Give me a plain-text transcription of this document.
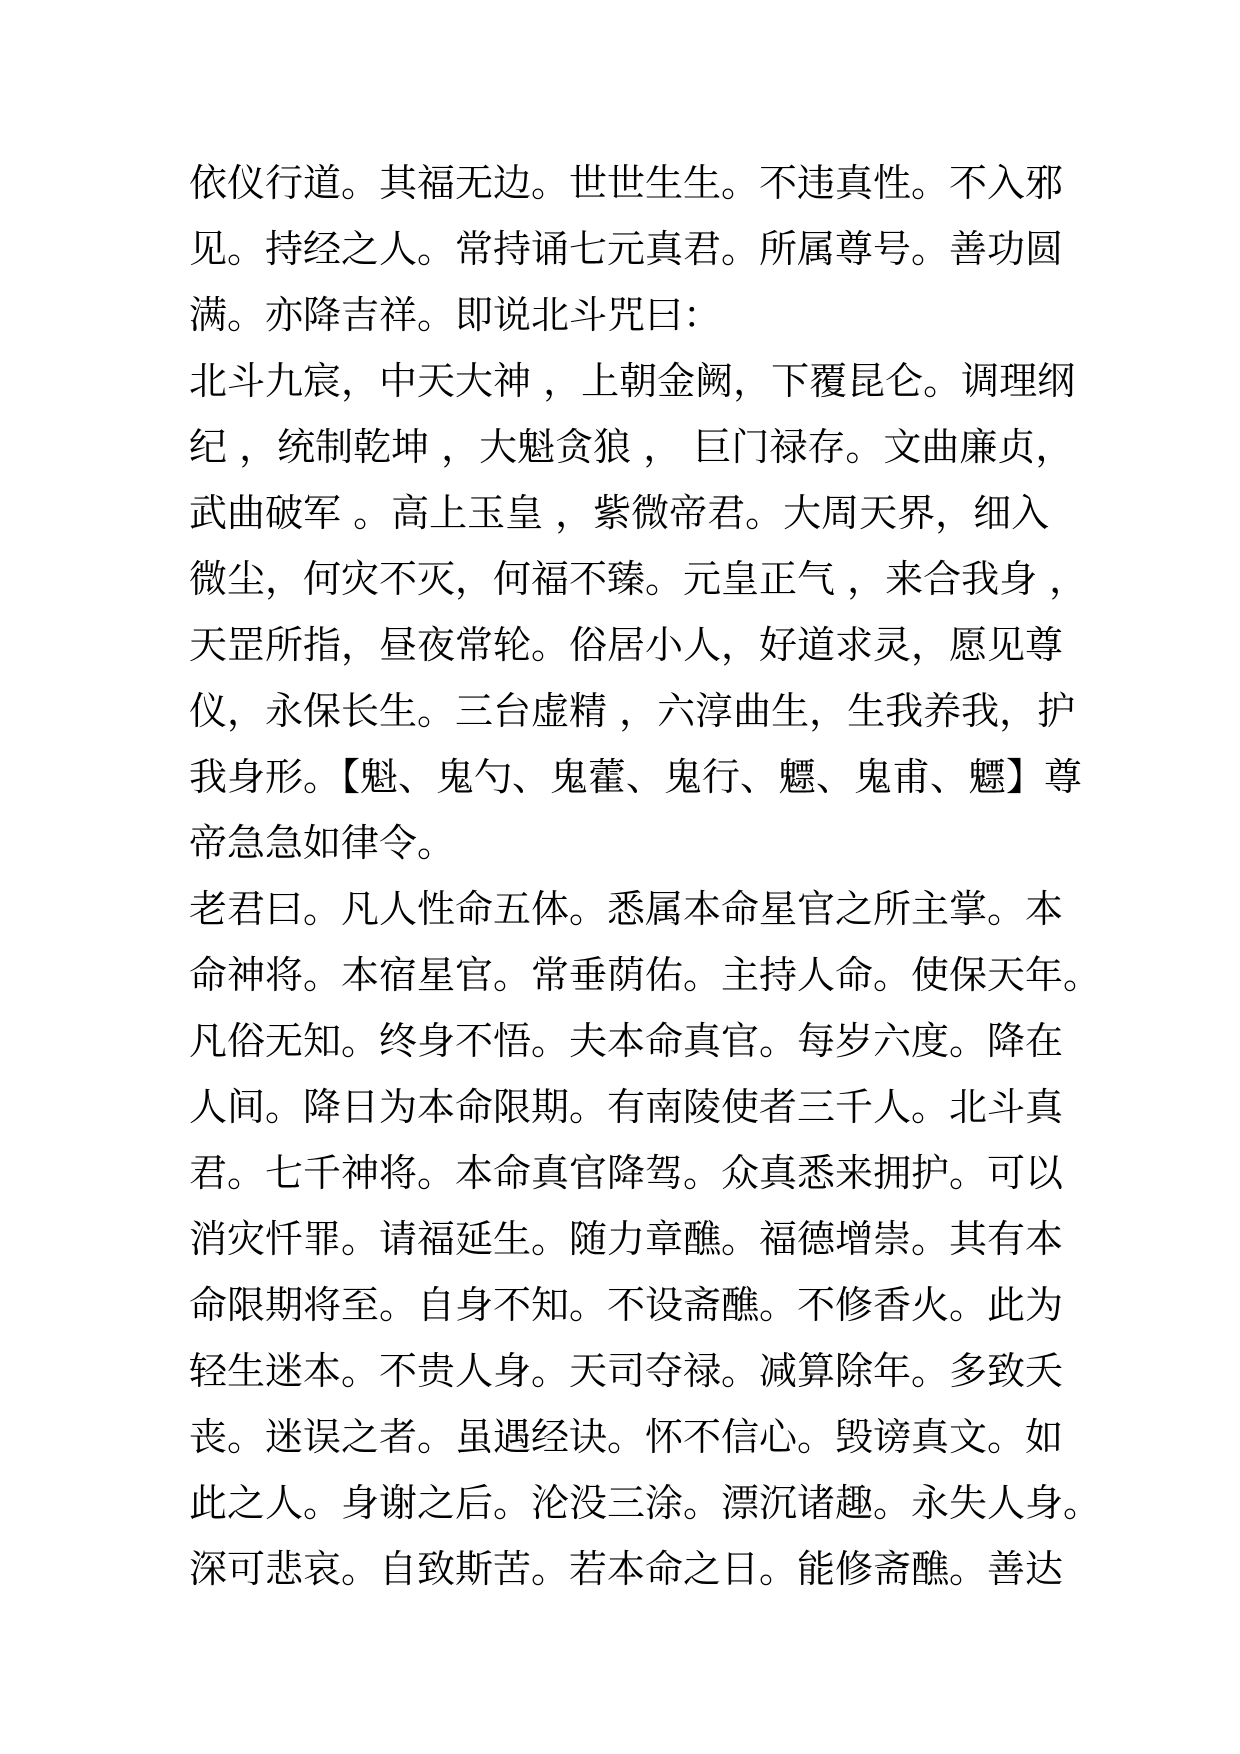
依仪行道。其福无边。世世生生。不违真性。不入邪
见。持经之人。常持诵七元真君。所属尊号。善功圆
满。亦降吉祥。即说北斗咒曰：

北斗九宸，中天大神 ，上朝金阙，下覆昆仑。调理纲
纪 ，统制乾坤 ，大魁贪狼 ， 巨门禄存。文曲廉贞，
武曲破军 。高上玉皇 ，紫微帝君。大周天界，细入
微尘，何灾不灭，何福不臻。元皇正气 ，来合我身 ，
天罡所指，昼夜常轮。俗居小人，好道求灵，愿见尊
仪，永保长生。三台虚精 ，六淳曲生，生我养我，护
我身形。【魁、鬼勺、鬼藿、鬼行、魒、鬼甫、魒】尊
帝急急如律令。

老君曰。凡人性命五体。悉属本命星官之所主掌。本
命神将。本宿星官。常垂荫佑。主持人命。使保天年。
凡俗无知。终身不悟。夫本命真官。每岁六度。降在
人间。降日为本命限期。有南陵使者三千人。北斗真
君。七千神将。本命真官降驾。众真悉来拥护。可以
消灾忏罪。请福延生。随力章醮。福德增崇。其有本
命限期将至。自身不知。不设斋醮。不修香火。此为
轻生迷本。不贵人身。天司夺禄。减算除年。多致夭
丧。迷误之者。虽遇经诀。怀不信心。毁谤真文。如
此之人。身谢之后。沦没三涂。漂沉诸趣。永失人身。
深可悲哀。自致斯苦。若本命之日。能修斋醮。善达
